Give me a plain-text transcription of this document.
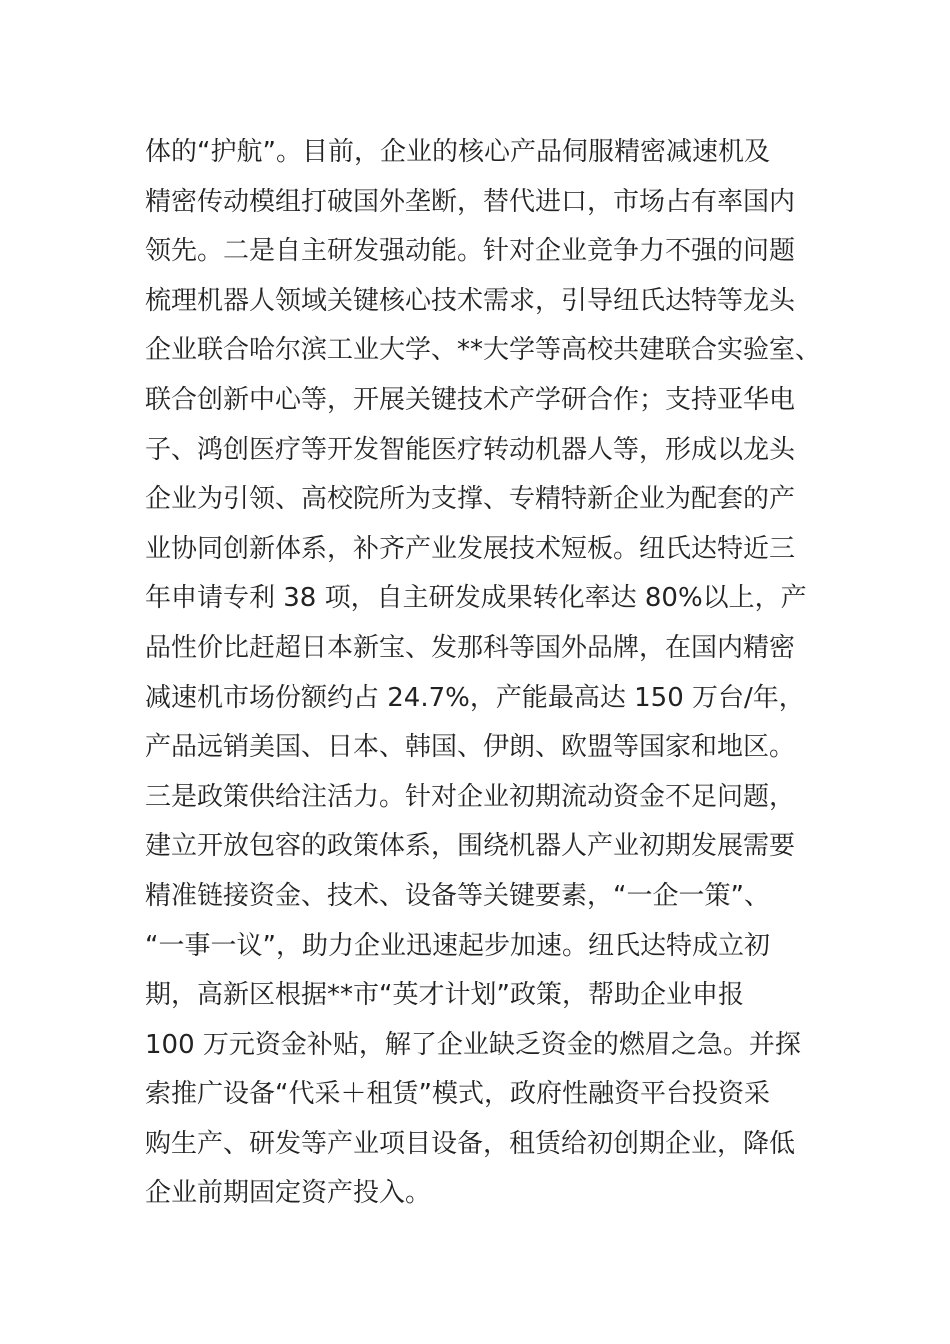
体的“护航”。目前，企业的核心产品伺服精密减速机及
精密传动模组打破国外垄断，替代进口，市场占有率国内
领先。二是自主研发强动能。针对企业竞争力不强的问题
梳理机器人领域关键核心技术需求，引导纽氏达特等龙头
企业联合哈尔滨工业大学、**大学等高校共建联合实验室、
联合创新中心等，开展关键技术产学研合作；支持亚华电
子、鸿创医疗等开发智能医疗转动机器人等，形成以龙头
企业为引领、高校院所为支撑、专精特新企业为配套的产
业协同创新体系，补齐产业发展技术短板。纽氏达特近三
年申请专利 38 项，自主研发成果转化率达 80%以上，产
品性价比赶超日本新宝、发那科等国外品牌，在国内精密
减速机市场份额约占 24.7%，产能最高达 150 万台/年，
产品远销美国、日本、韩国、伊朗、欧盟等国家和地区。
三是政策供给注活力。针对企业初期流动资金不足问题，
建立开放包容的政策体系，围绕机器人产业初期发展需要
精准链接资金、技术、设备等关键要素，“一企一策”、
“一事一议”，助力企业迅速起步加速。纽氏达特成立初
期，高新区根据**市“英才计划”政策，帮助企业申报
100 万元资金补贴，解了企业缺乏资金的燃眉之急。并探
索推广设备“代采＋租赁”模式，政府性融资平台投资采
购生产、研发等产业项目设备，租赁给初创期企业，降低
企业前期固定资产投入。
